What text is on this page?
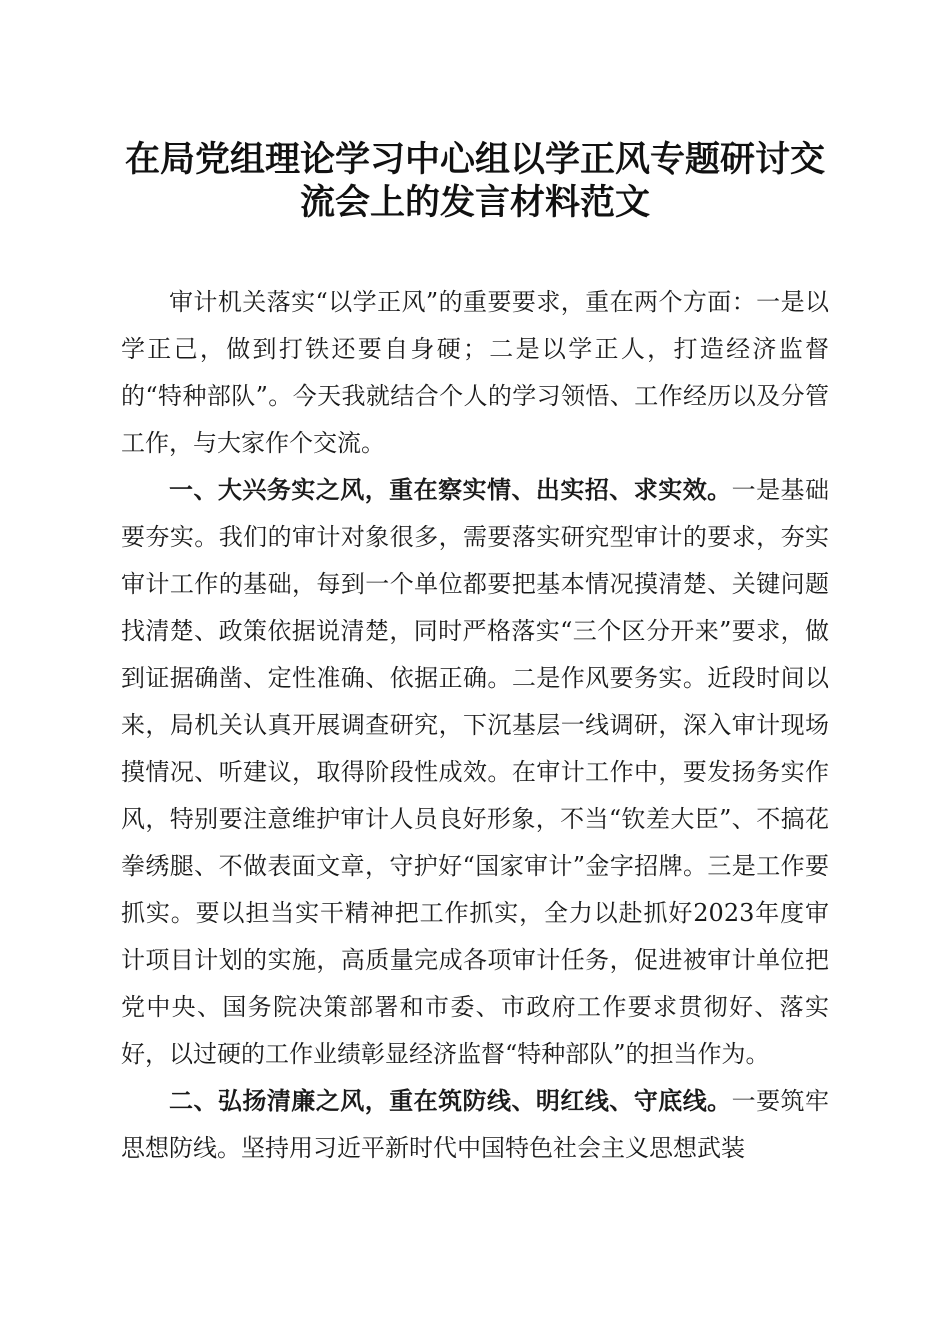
在局党组理论学习中心组以学正风专题研讨交
流会上的发言材料范文

审计机关落实“以学正风”的重要要求，重在两个方面：一是以学正己，做到打铁还要自身硬；二是以学正人，打造经济监督的“特种部队”。今天我就结合个人的学习领悟、工作经历以及分管工作，与大家作个交流。

一、大兴务实之风，重在察实情、出实招、求实效。一是基础要夯实。我们的审计对象很多，需要落实研究型审计的要求，夯实审计工作的基础，每到一个单位都要把基本情况摸清楚、关键问题找清楚、政策依据说清楚，同时严格落实“三个区分开来”要求，做到证据确凿、定性准确、依据正确。二是作风要务实。近段时间以来，局机关认真开展调查研究，下沉基层一线调研，深入审计现场摸情况、听建议，取得阶段性成效。在审计工作中，要发扬务实作风，特别要注意维护审计人员良好形象，不当“钦差大臣”、不搞花拳绣腿、不做表面文章，守护好“国家审计”金字招牌。三是工作要抓实。要以担当实干精神把工作抓实，全力以赴抓好2023年度审计项目计划的实施，高质量完成各项审计任务，促进被审计单位把党中央、国务院决策部署和市委、市政府工作要求贯彻好、落实好，以过硬的工作业绩彰显经济监督“特种部队”的担当作为。

二、弘扬清廉之风，重在筑防线、明红线、守底线。一要筑牢思想防线。坚持用习近平新时代中国特色社会主义思想武装
